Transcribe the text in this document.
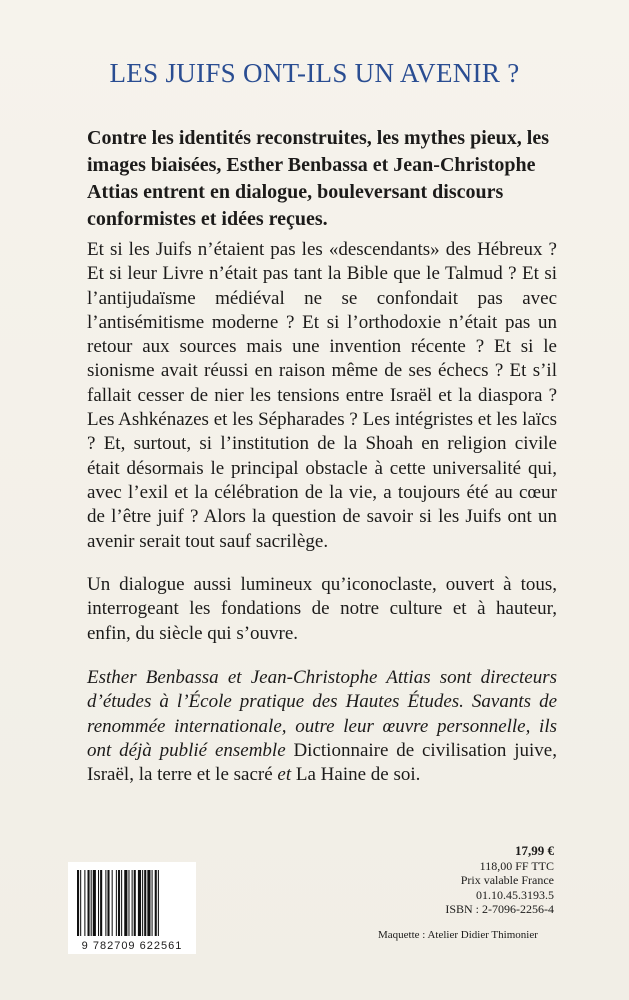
LES JUIFS ONT-ILS UN AVENIR ?

Contre les identités reconstruites, les mythes pieux, les images biaisées, Esther Benbassa et Jean-Christophe Attias entrent en dialogue, bouleversant discours conformistes et idées reçues.

Et si les Juifs n’étaient pas les «descendants» des Hébreux ? Et si leur Livre n’était pas tant la Bible que le Talmud ? Et si l’antijudaïsme médiéval ne se confondait pas avec l’antisémitisme moderne ? Et si l’orthodoxie n’était pas un retour aux sources mais une invention récente ? Et si le sionisme avait réussi en raison même de ses échecs ? Et s’il fallait cesser de nier les tensions entre Israël et la diaspora ? Les Ashkénazes et les Sépharades ? Les intégristes et les laïcs ? Et, surtout, si l’institution de la Shoah en religion civile était désormais le principal obstacle à cette universalité qui, avec l’exil et la célébration de la vie, a toujours été au cœur de l’être juif ? Alors la question de savoir si les Juifs ont un avenir serait tout sauf sacrilège.

Un dialogue aussi lumineux qu’iconoclaste, ouvert à tous, interrogeant les fondations de notre culture et à hauteur, enfin, du siècle qui s’ouvre.

Esther Benbassa et Jean-Christophe Attias sont directeurs d’études à l’École pratique des Hautes Études. Savants de renommée internationale, outre leur œuvre personnelle, ils ont déjà publié ensemble Dictionnaire de civilisation juive, Israël, la terre et le sacré et La Haine de soi.

9 782709 622561
17,99 €
118,00 FF TTC
Prix valable France
01.10.45.3193.5
ISBN : 2-7096-2256-4
Maquette : Atelier Didier Thimonier
